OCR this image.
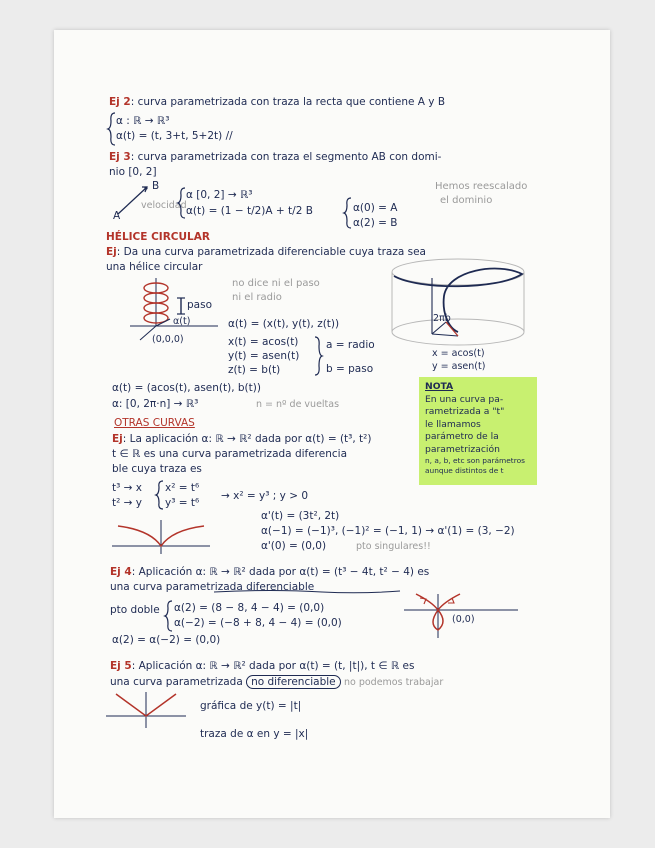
Ej 2: curva parametrizada con traza la recta que contiene A y B
α : ℝ → ℝ³
α(t) = (t, 3+t, 5+2t) //
Ej 3: curva parametrizada con traza el segmento AB con domi-
nio [0, 2]
Hemos reescalado
el dominio
A
B
velocidad
α [0, 2] → ℝ³
α(t) = (1 − t/2)A + t/2 B	α(0) = A
α(2) = B
HÉLICE CIRCULAR
Ej: Da una curva parametrizada diferenciable cuya traza sea
una hélice circular
no dice ni el paso
ni el radio
paso
α(t)
(0,0,0)
α(t) = (x(t), y(t), z(t))
x(t) = acos(t)
y(t) = asen(t)
z(t) = b(t)
a = radio
b = paso
2πb
x = acos(t)
y = asen(t)
α(t) = (acos(t), asen(t), b(t))
α: [0, 2π·n] → ℝ³	n = nº de vueltas
NOTA
En una curva pa-
rametrizada a "t"
le llamamos
parámetro de la
parametrización
n, a, b, etc son parámetros
aunque distintos de t
OTRAS CURVAS
Ej: La aplicación α: ℝ → ℝ² dada por α(t) = (t³, t²)
t ∈ ℝ es una curva parametrizada diferencia
ble cuya traza es
t³ → x
t² → y
x² = t⁶
y³ = t⁶
→ x² = y³ ; y > 0
α'(t) = (3t², 2t)
α(−1) = (−1)³, (−1)² = (−1, 1) → α'(1) = (3, −2)
α'(0) = (0,0)	pto singulares!!
Ej 4: Aplicación α: ℝ → ℝ² dada por α(t) = (t³ − 4t, t² − 4) es
una curva parametrizada diferenciable
pto doble α(2) = (8 − 8, 4 − 4) = (0,0)
α(−2) = (−8 + 8, 4 − 4) = (0,0)
α(2) = α(−2) = (0,0)
(0,0)
Ej 5: Aplicación α: ℝ → ℝ² dada por α(t) = (t, |t|), t ∈ ℝ es
una curva parametrizada no diferenciable no podemos trabajar
gráfica de y(t) = |t|
traza de α en y = |x|
